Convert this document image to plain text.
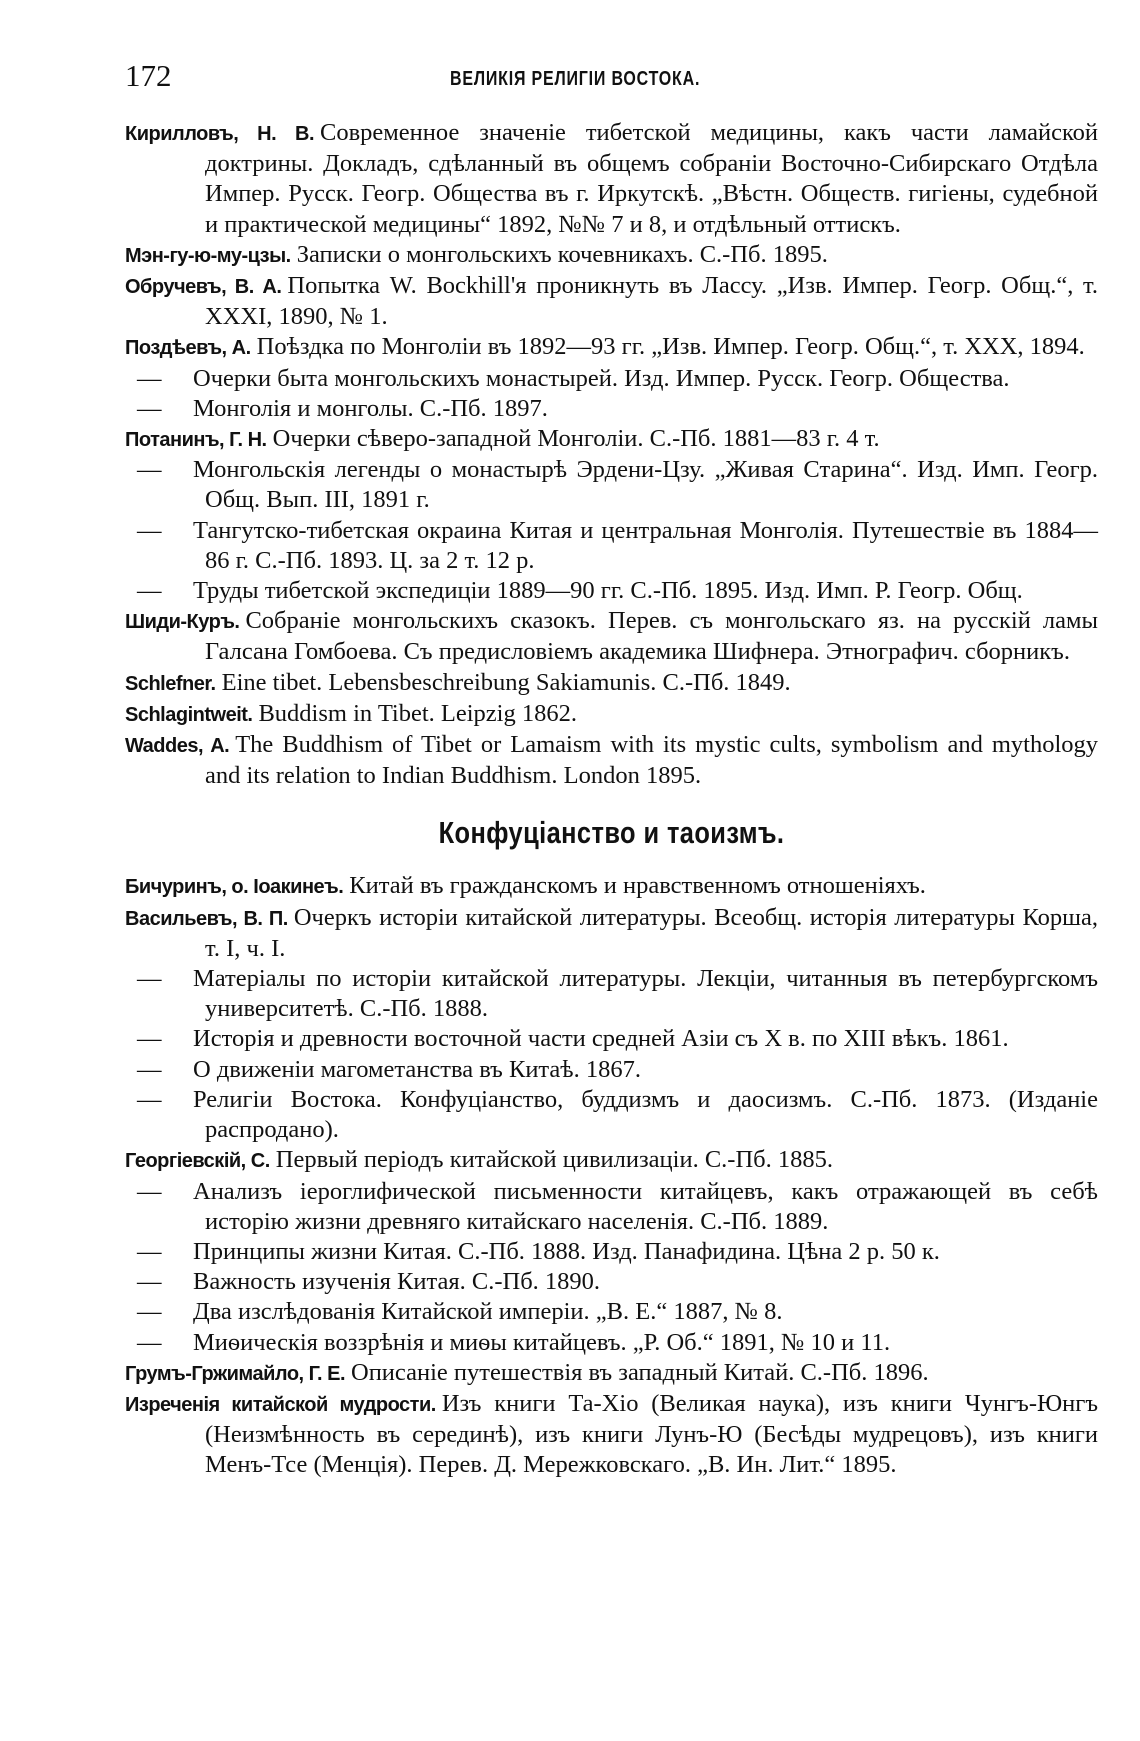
172	ВЕЛИКІЯ РЕЛИГІИ ВОСТОКА.
Кирилловъ, Н. В. Современное значеніе тибетской медицины, какъ части ламайской доктрины. Докладъ, сдѣланный въ общемъ собраніи Восточно-Сибирскаго Отдѣла Импер. Русск. Геогр. Общества въ г. Иркутскѣ. „Вѣстн. Обществ. гигіены, судебной и практической медицины“ 1892, №№ 7 и 8, и отдѣльный оттискъ.
Мэн-гу-ю-му-цзы. Записки о монгольскихъ кочевникахъ. С.-Пб. 1895.
Обручевъ, В. А. Попытка W. Bockhill'я проникнуть въ Лассу. „Изв. Импер. Геогр. Общ.“, т. XXXI, 1890, № 1.
Поздѣевъ, А. Поѣздка по Монголіи въ 1892—93 гг. „Изв. Импер. Геогр. Общ.“, т. XXX, 1894.
— Очерки быта монгольскихъ монастырей. Изд. Импер. Русск. Геогр. Общества.
— Монголія и монголы. С.-Пб. 1897.
Потанинъ, Г. Н. Очерки сѣверо-западной Монголіи. С.-Пб. 1881—83 г. 4 т.
— Монгольскія легенды о монастырѣ Эрдени-Цзу. „Живая Старина“. Изд. Имп. Геогр. Общ. Вып. III, 1891 г.
— Тангутско-тибетская окраина Китая и центральная Монголія. Путешествіе въ 1884—86 г. С.-Пб. 1893. Ц. за 2 т. 12 р.
— Труды тибетской экспедиціи 1889—90 гг. С.-Пб. 1895. Изд. Имп. Р. Геогр. Общ.
Шиди-Куръ. Собраніе монгольскихъ сказокъ. Перев. съ монгольскаго яз. на русскій ламы Галсана Гомбоева. Съ предисловіемъ академика Шифнера. Этнографич. сборникъ.
Schlefner. Eine tibet. Lebensbeschreibung Sakiamunis. С.-Пб. 1849.
Schlagintweit. Buddism in Tibet. Leipzig 1862.
Waddes, A. The Buddhism of Tibet or Lamaism with its mystic cults, symbolism and mythology and its relation to Indian Buddhism. London 1895.
Конфуціанство и таоизмъ.
Бичуринъ, о. Іоакинеъ. Китай въ гражданскомъ и нравственномъ отношеніяхъ.
Васильевъ, В. П. Очеркъ исторіи китайской литературы. Всеобщ. исторія литературы Корша, т. I, ч. I.
— Матеріалы по исторіи китайской литературы. Лекціи, читанныя въ петербургскомъ университетѣ. С.-Пб. 1888.
— Исторія и древности восточной части средней Азіи съ X в. по XIII вѣкъ. 1861.
— О движеніи магометанства въ Китаѣ. 1867.
— Религіи Востока. Конфуціанство, буддизмъ и даосизмъ. С.-Пб. 1873. (Изданіе распродано).
Георгіевскій, С. Первый періодъ китайской цивилизаціи. С.-Пб. 1885.
— Анализъ іероглифической письменности китайцевъ, какъ отражающей въ себѣ исторію жизни древняго китайскаго населенія. С.-Пб. 1889.
— Принципы жизни Китая. С.-Пб. 1888. Изд. Панафидина. Цѣна 2 р. 50 к.
— Важность изученія Китая. С.-Пб. 1890.
— Два изслѣдованія Китайской имперіи. „В. Е.“ 1887, № 8.
— Миѳическія воззрѣнія и миѳы китайцевъ. „Р. Об.“ 1891, № 10 и 11.
Грумъ-Гржимайло, Г. Е. Описаніе путешествія въ западный Китай. С.-Пб. 1896.
Изреченія китайской мудрости. Изъ книги Та-Хіо (Великая наука), изъ книги Чунгъ-Юнгъ (Неизмѣнность въ серединѣ), изъ книги Лунъ-Ю (Бесѣды мудрецовъ), изъ книги Менъ-Тсе (Менція). Перев. Д. Мережковскаго. „В. Ин. Лит.“ 1895.
